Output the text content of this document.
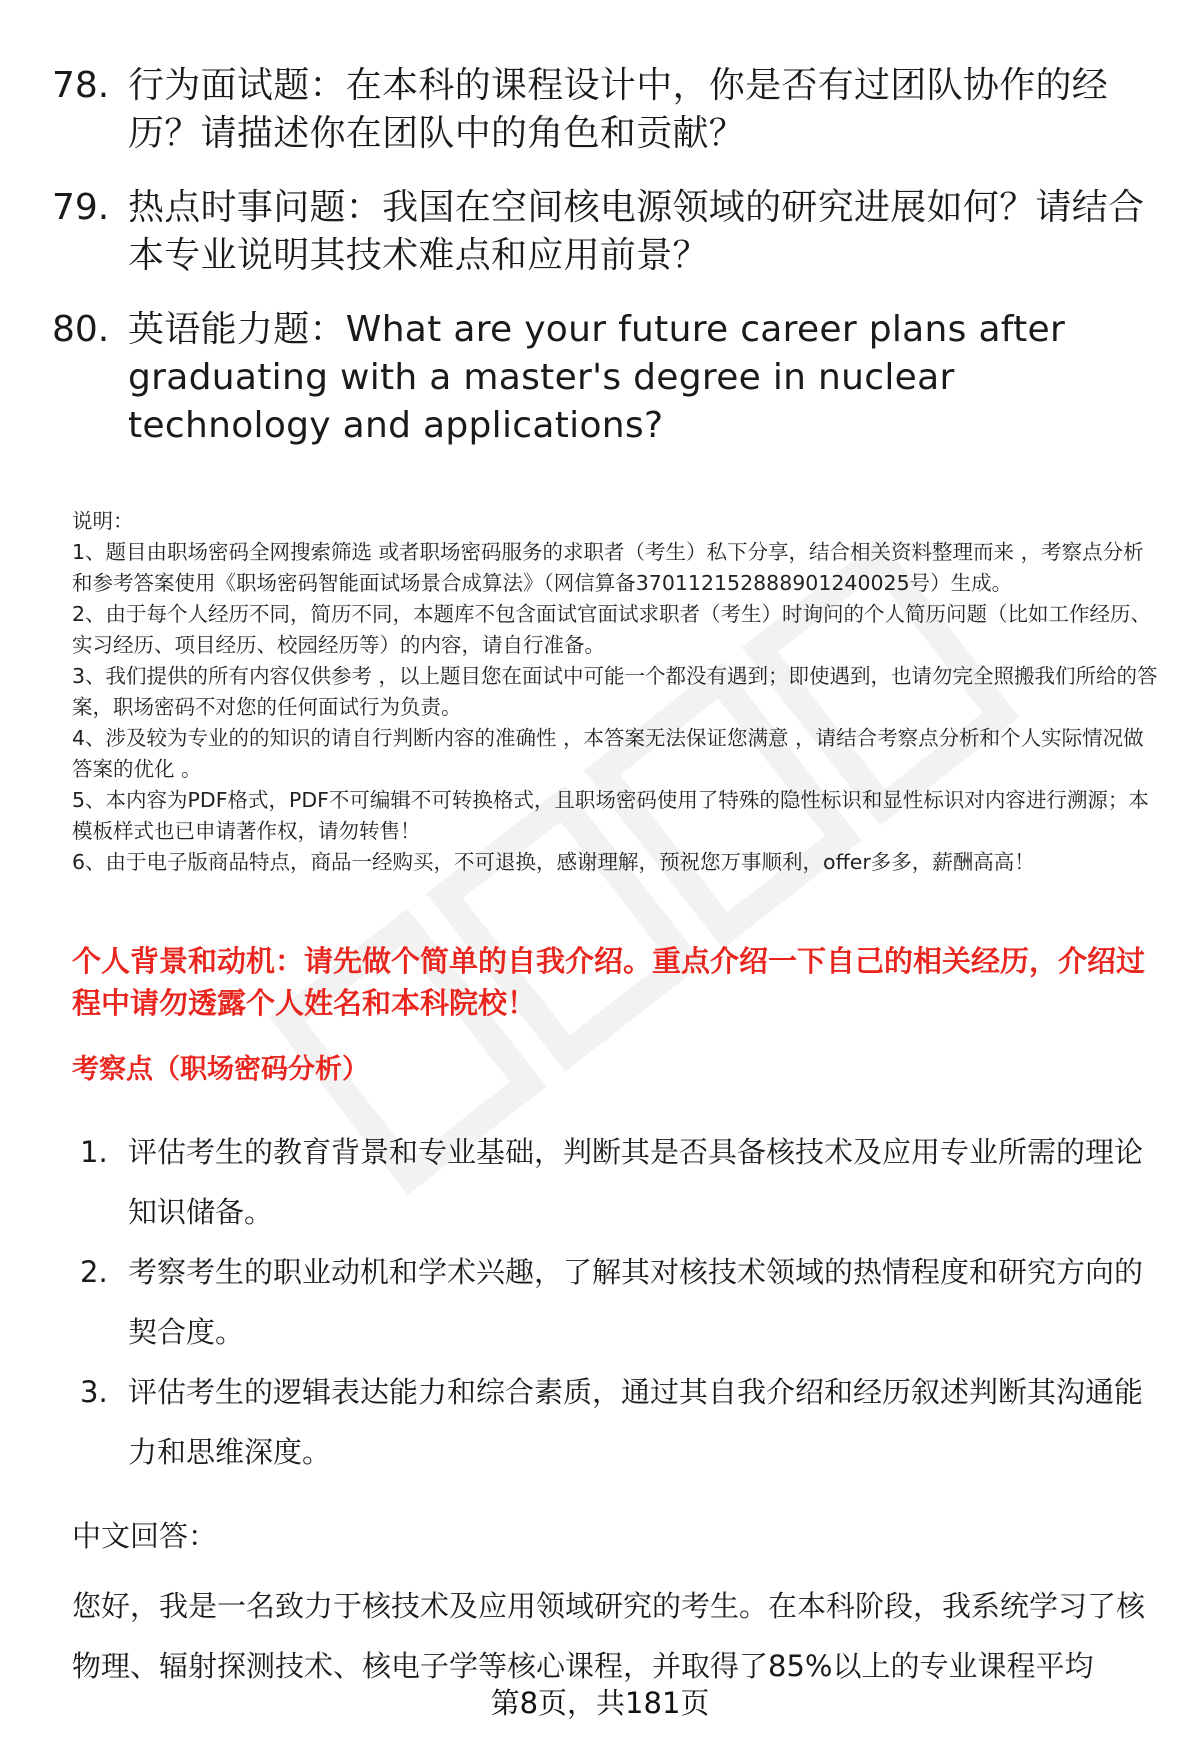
78. 行为面试题：在本科的课程设计中，你是否有过团队协作的经历？请描述你在团队中的角色和贡献？
79. 热点时事问题：我国在空间核电源领域的研究进展如何？请结合本专业说明其技术难点和应用前景？
80. 英语能力题：What are your future career plans after graduating with a master's degree in nuclear technology and applications?

说明：

1、题目由职场密码全网搜索筛选 或者职场密码服务的求职者（考生）私下分享，结合相关资料整理而来 ，考察点分析和参考答案使用《职场密码智能面试场景合成算法》（网信算备370112152888901240025号）生成。

2、由于每个人经历不同，简历不同，本题库不包含面试官面试求职者（考生）时询问的个人简历问题（比如工作经历、实习经历、项目经历、校园经历等）的内容，请自行准备。

3、我们提供的所有内容仅供参考 ，以上题目您在面试中可能一个都没有遇到；即使遇到，也请勿完全照搬我们所给的答案，职场密码不对您的任何面试行为负责。

4、涉及较为专业的的知识的请自行判断内容的准确性 ，本答案无法保证您满意 ，请结合考察点分析和个人实际情况做答案的优化 。

5、本内容为PDF格式，PDF不可编辑不可转换格式，且职场密码使用了特殊的隐性标识和显性标识对内容进行溯源；本模板样式也已申请著作权，请勿转售！

6、由于电子版商品特点，商品一经购买，不可退换，感谢理解，预祝您万事顺利，offer多多，薪酬高高！

个人背景和动机：请先做个简单的自我介绍。重点介绍一下自己的相关经历，介绍过程中请勿透露个人姓名和本科院校！
考察点（职场密码分析）
1. 评估考生的教育背景和专业基础，判断其是否具备核技术及应用专业所需的理论知识储备。
2. 考察考生的职业动机和学术兴趣，了解其对核技术领域的热情程度和研究方向的契合度。
3. 评估考生的逻辑表达能力和综合素质，通过其自我介绍和经历叙述判断其沟通能力和思维深度。
中文回答：
您好，我是一名致力于核技术及应用领域研究的考生。在本科阶段，我系统学习了核物理、辐射探测技术、核电子学等核心课程，并取得了85%以上的专业课程平均
第8页，共181页
